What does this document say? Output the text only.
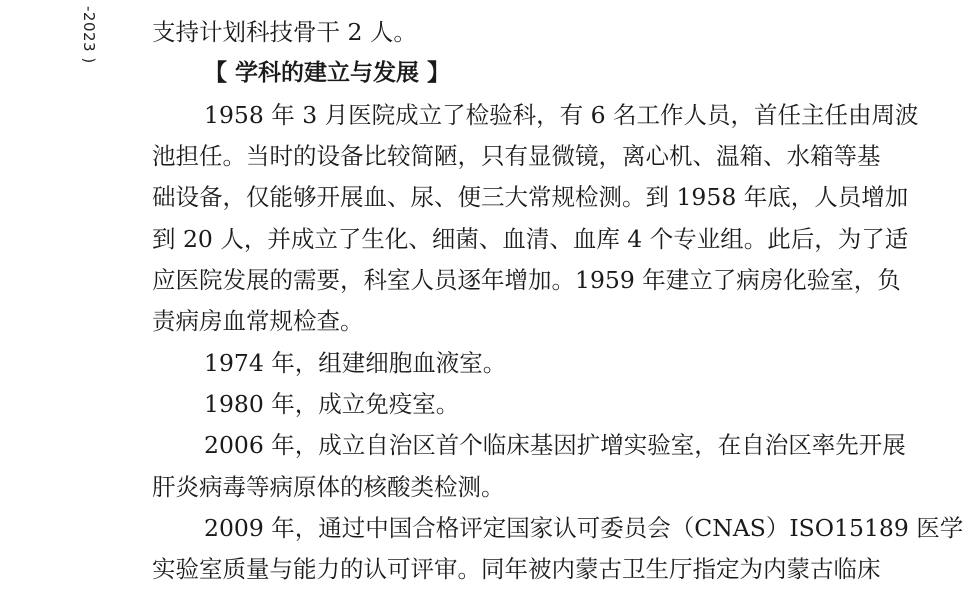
-2023 ) 支持计划科技骨干 2 人。
【 学科的建立与发展 】
1958 年 3 月医院成立了检验科，有 6 名工作人员，首任主任由周波
池担任。当时的设备比较简陋，只有显微镜，离心机、温箱、水箱等基
础设备，仅能够开展血、尿、便三大常规检测。到 1958 年底，人员增加
到 20 人，并成立了生化、细菌、血清、血库 4 个专业组。此后，为了适
应医院发展的需要，科室人员逐年增加。1959 年建立了病房化验室，负
责病房血常规检查。
1974 年，组建细胞血液室。
1980 年，成立免疫室。
2006 年，成立自治区首个临床基因扩增实验室，在自治区率先开展
肝炎病毒等病原体的核酸类检测。
2009 年，通过中国合格评定国家认可委员会（CNAS）ISO15189 医学
实验室质量与能力的认可评审。同年被内蒙古卫生厅指定为内蒙古临床
